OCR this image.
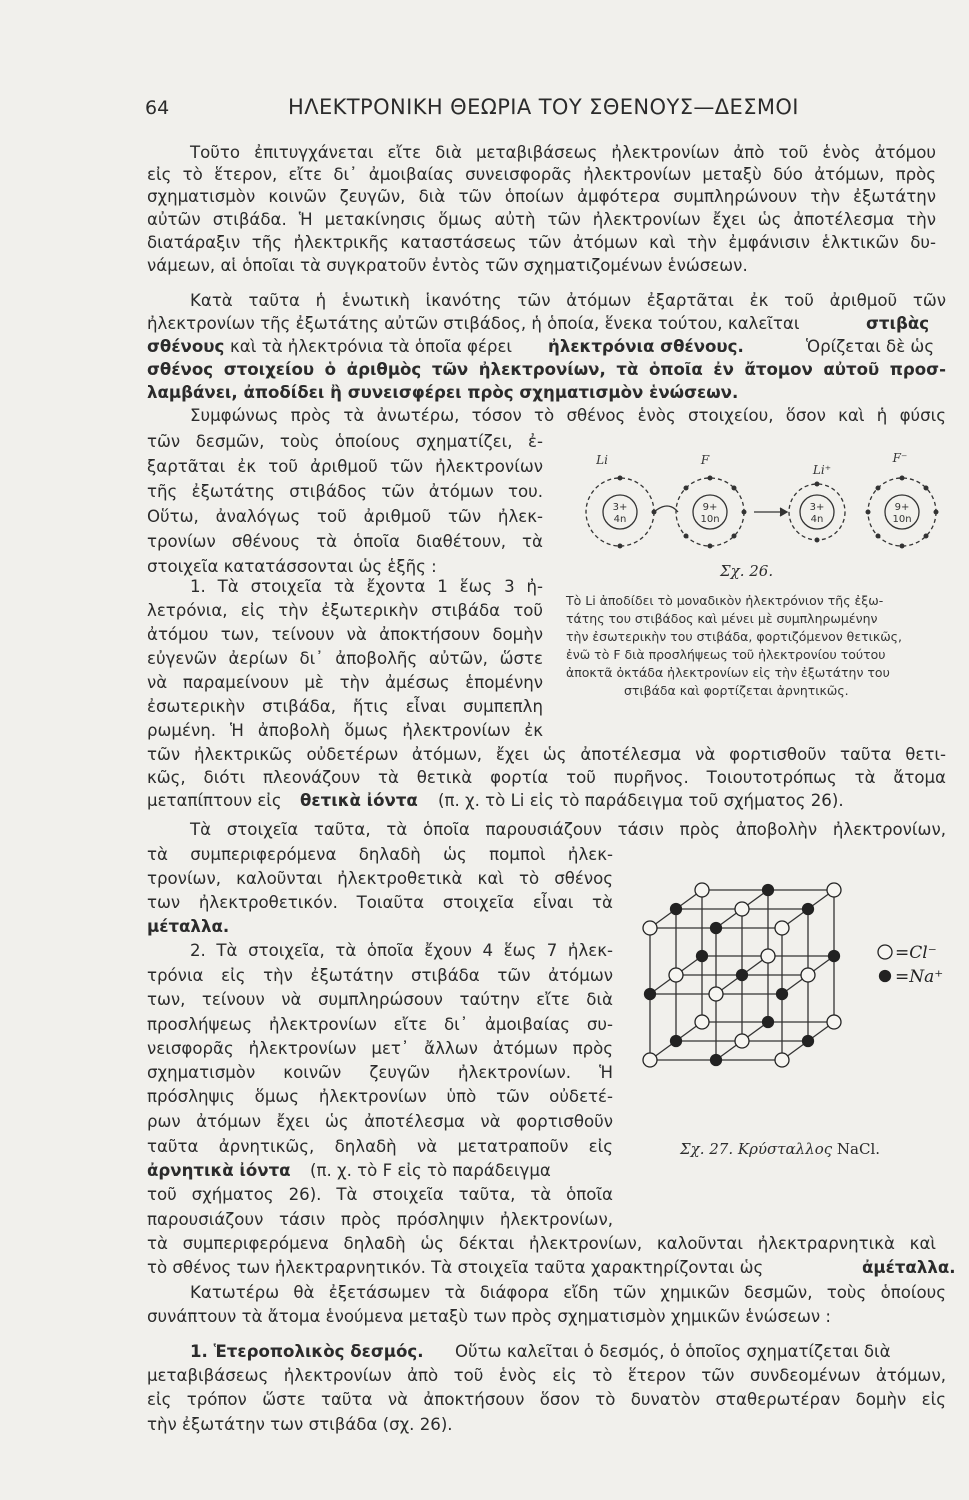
64	ΗΛΕΚΤΡΟΝΙΚΗ ΘΕΩΡΙΑ ΤΟΥ ΣΘΕΝΟΥΣ—ΔΕΣΜΟΙ
Τοῦτο ἐπιτυγχάνεται εἴτε διὰ μεταβιβάσεως ἠλεκτρονίων ἀπὸ τοῦ ἑνὸς ἀτόμου
εἰς τὸ ἕτερον, εἴτε δι᾽ ἀμοιβαίας συνεισφορᾶς ἠλεκτρονίων μεταξὺ δύο ἀτόμων, πρὸς
σχηματισμὸν κοινῶν ζευγῶν, διὰ τῶν ὁποίων ἀμφότερα συμπληρώνουν τὴν ἐξωτάτην
αὐτῶν στιβάδα. Ἡ μετακίνησις ὅμως αὐτὴ τῶν ἠλεκτρονίων ἔχει ὡς ἀποτέλεσμα τὴν
διατάραξιν τῆς ἠλεκτρικῆς καταστάσεως τῶν ἀτόμων καὶ τὴν ἐμφάνισιν ἑλκτικῶν δυ-
νάμεων, αἱ ὁποῖαι τὰ συγκρατοῦν ἐντὸς τῶν σχηματιζομένων ἑνώσεων.
Κατὰ ταῦτα ἡ ἑνωτικὴ ἱκανότης τῶν ἀτόμων ἐξαρτᾶται ἐκ τοῦ ἀριθμοῦ τῶν
ἠλεκτρονίων τῆς ἐξωτάτης αὐτῶν στιβάδος, ἡ ὁποία, ἕνεκα τούτου, καλεῖται	στιβὰς
σθένους καὶ τὰ ἠλεκτρόνια τὰ ὁποῖα φέρει ἠλεκτρόνια σθένους.	Ὁρίζεται δὲ ὡς
σθένος στοιχείου ὁ ἀριθμὸς τῶν ἠλεκτρονίων, τὰ ὁποῖα ἐν ἄτομον αὐτοῦ προσ-
λαμβάνει, ἀποδίδει ἢ συνεισφέρει πρὸς σχηματισμὸν ἑνώσεων.
Συμφώνως πρὸς τὰ ἀνωτέρω, τόσον τὸ σθένος ἑνὸς στοιχείου, ὅσον καὶ ἡ φύσις
τῶν δεσμῶν, τοὺς ὁποίους σχηματίζει, ἐ-
ξαρτᾶται ἐκ τοῦ ἀριθμοῦ τῶν ἠλεκτρονίων
τῆς ἐξωτάτης στιβάδος τῶν ἀτόμων του.
Οὕτω, ἀναλόγως τοῦ ἀριθμοῦ τῶν ἠλεκ-
τρονίων σθένους τὰ ὁποῖα διαθέτουν, τὰ
στοιχεῖα κατατάσσονται ὡς ἑξῆς :
3+
4n
9+
10n
3+
4n
9+
10n
Li	F
Li⁺
F⁻
Σχ. 26.
Τὸ Li ἀποδίδει τὸ μοναδικὸν ἠλεκτρόνιον τῆς ἐξω-
τάτης του στιβάδος καὶ μένει μὲ συμπληρωμένην
τὴν ἐσωτερικὴν του στιβάδα, φορτιζόμενον θετικῶς,
ἐνῶ τὸ F διὰ προσλήψεως τοῦ ἠλεκτρονίου τούτου
ἀποκτᾶ ὀκτάδα ἠλεκτρονίων εἰς τὴν ἐξωτάτην του
στιβάδα καὶ φορτίζεται ἀρνητικῶς.
1. Τὰ στοιχεῖα τὰ ἔχοντα 1 ἕως 3 ἠ-
λετρόνια, εἰς τὴν ἐξωτερικὴν στιβάδα τοῦ
ἀτόμου των, τείνουν νὰ ἀποκτήσουν δομὴν
εὐγενῶν ἀερίων δι᾽ ἀποβολῆς αὐτῶν, ὥστε
νὰ παραμείνουν μὲ τὴν ἀμέσως ἑπομένην
ἐσωτερικὴν στιβάδα, ἥτις εἶναι συμπεπλη
ρωμένη. Ἡ ἀποβολὴ ὅμως ἠλεκτρονίων ἐκ
τῶν ἠλεκτρικῶς οὐδετέρων ἀτόμων, ἔχει ὡς ἀποτέλεσμα νὰ φορτισθοῦν ταῦτα θετι-
κῶς, διότι πλεονάζουν τὰ θετικὰ φορτία τοῦ πυρῆνος. Τοιουτοτρόπως τὰ ἄτομα
μεταπίπτουν εἰς θετικὰ ἰόντα (π. χ. τὸ Li εἰς τὸ παράδειγμα τοῦ σχήματος 26).
Τὰ στοιχεῖα ταῦτα, τὰ ὁποῖα παρουσιάζουν τάσιν πρὸς ἀποβολὴν ἠλεκτρονίων,
τὰ συμπεριφερόμενα δηλαδὴ ὡς πομποὶ ἠλεκ-
τρονίων, καλοῦνται ἠλεκτροθετικὰ καὶ τὸ σθένος
των ἠλεκτροθετικόν. Τοιαῦτα στοιχεῖα εἶναι τὰ
μέταλλα.
2. Τὰ στοιχεῖα, τὰ ὁποῖα ἔχουν 4 ἕως 7 ἠλεκ-
τρόνια εἰς τὴν ἐξωτάτην στιβάδα τῶν ἀτόμων
των, τείνουν νὰ συμπληρώσουν ταύτην εἴτε διὰ
προσλήψεως ἠλεκτρονίων εἴτε δι᾽ ἀμοιβαίας συ-
νεισφορᾶς ἠλεκτρονίων μετ᾽ ἄλλων ἀτόμων πρὸς
σχηματισμὸν κοινῶν ζευγῶν ἠλεκτρονίων. Ἡ
πρόσληψις ὅμως ἠλεκτρονίων ὑπὸ τῶν οὐδετέ-
ρων ἀτόμων ἔχει ὡς ἀποτέλεσμα νὰ φορτισθοῦν
ταῦτα ἀρνητικῶς, δηλαδὴ νὰ μετατραποῦν εἰς
ἀρνητικὰ ἰόντα (π. χ. τὸ F εἰς τὸ παράδειγμα
τοῦ σχήματος 26). Τὰ στοιχεῖα ταῦτα, τὰ ὁποῖα
παρουσιάζουν τάσιν πρὸς πρόσληψιν ἠλεκτρονίων,
τὰ συμπεριφερόμενα δηλαδὴ ὡς δέκται ἠλεκτρονίων, καλοῦνται ἠλεκτραρνητικὰ καὶ
τὸ σθένος των ἠλεκτραρνητικόν. Τὰ στοιχεῖα ταῦτα χαρακτηρίζονται ὡς	ἀμέταλλα.
=Cl⁻
=Na⁺
Σχ. 27. Κρύσταλλος NaCl.
Κατωτέρω θὰ ἐξετάσωμεν τὰ διάφορα εἴδη τῶν χημικῶν δεσμῶν, τοὺς ὁποίους
συνάπτουν τὰ ἄτομα ἑνούμενα μεταξὺ των πρὸς σχηματισμὸν χημικῶν ἑνώσεων :
1. Ἑτεροπολικὸς δεσμός. Οὕτω καλεῖται ὁ δεσμός, ὁ ὁποῖος σχηματίζεται διὰ
μεταβιβάσεως ἠλεκτρονίων ἀπὸ τοῦ ἑνὸς εἰς τὸ ἕτερον τῶν συνδεομένων ἀτόμων,
εἰς τρόπον ὥστε ταῦτα νὰ ἀποκτήσουν ὅσον τὸ δυνατὸν σταθερωτέραν δομὴν εἰς
τὴν ἐξωτάτην των στιβάδα (σχ. 26).
